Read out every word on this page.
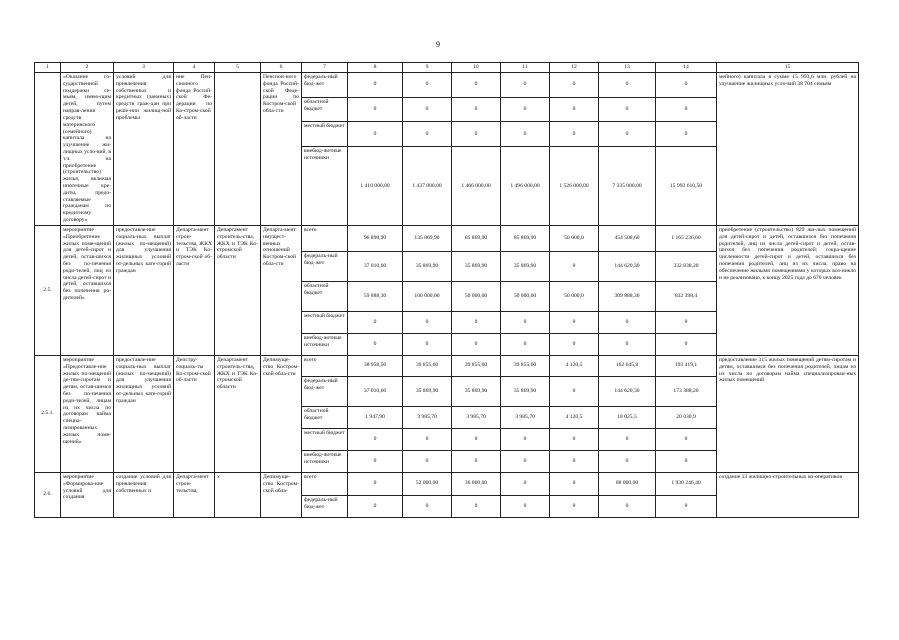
9
1	2	3	4	5	6	7	8	9	10	11	12	13	14	15
	«Оказание го-сударственной поддержки се-мьям, имею-щим детей, путем направ-ления средств материнского (семейного) капитала на улучшение жи-лищных усло-вий, в т.ч. на приобретение (строительство) жилья, включая ипотечные кре-диты, предо-ставляемые гражданам по кредитному договору»	условий для привлечения собственных и кредитных (заемных) средств граж-дан при реше-нии жилищ-ной проблемы	ние Пен-сионного фонда Россий-ской Фе-дерации по Ко-стром-ской об-ласти		Пенсион-ного фонда Россий-ской Феде-рации по Костром-ской обла-сти	федераль-ный бюд-жет	0	0	0	0	0	0	0	мейного) капитала в сумме 15 993,6 млн. рублей на улучшение жилищных усло-вий 38 704 семьям
						областной бюджет	0	0	0	0	0	0	0	
						местный бюджет	0	0	0	0	0	0	0	
						внебюд-жетные источники	1 410 000,00	1 437 000,00	1 466 000,00	1 496 000,00	1 526 000,00	7 335 000,00	15 993 610,50	
2.5.	мероприятие «Приобретение жилых поме-щений для детей-сирот и детей, остав-шихся без по-печения роди-телей, лиц из числа детей-сирот и детей, оставшихся без попечения ро-дителей»	предоставле-ние социаль-ных выплат (жилых по-мещений) для улучшения жилищных условий от-дельных кате-горий граждан	Департа-мент строи-тельства, ЖКХ и ТЭК Ко-стром-ской об-ласти	Департамент строитель-ства, ЖКХ и ТЭК Ко-стромской области	Департа-мент имущест-венных отношений Костром-ской обла-сти	всего	96 898,90	135 869,90	85 869,90	85 869,90	50 000,0	454 508,60	1 165 236,60	приобретение (строительство) 829 жи-лых помещений для детей-сирот и детей, оставшихся без попечения родителей, лиц из числа детей-сирот и детей, остав-шихся без попечения родителей; сокра-щение численности детей-сирот и детей, оставшихся без попечения родителей, лиц из их числа, право на обеспечение жилыми помещениями у которых воз-никло и не реализовано, к концу 2025 года до 670 человек
						федераль-ный бюд-жет	37 010,60	35 869,90	35 869,90	35 869,90	0	144 620,30	332 838,20	
						областной бюджет	59 888,30	100 000,00	50 000,00	50 000,00	50 000,0	309 888,30	832 398,4	
						местный бюджет	0	0	0	0	0	0	0	
						внебюд-жетные источники	0	0	0	0	0	0	0	
2.5.1.	мероприятие «Предоставле-ние жилых по-мещений де-тям-сиротам и детям, остав-шимся без по-печения роди-телей, лицам из их числа по договорам найма специа-лизированных жилых поме-щений»	предоставле-ние социаль-ных выплат (жилых по-мещений) для улучшения жилищных условий от-дельных кате-горий граждан	Депстру-социаль-ты Ко-стром-ской об-ласти	Департамент строитель-ства, ЖКХ и ТЭК Ко-стромской области	Депимуще-ство Костром-ской обла-сти	всего	38 958,50	39 855,60	39 855,60	39 855,60	4 120,5	162 645,8	193 419,1	предоставление 315 жилых помещений детям-сиротам и детям, оставшимся без попечения родителей, лицам из их числа по договорам найма специализирован-ных жилых помещений
						федераль-ный бюд-жет	37 010,60	35 869,90	35 869,90	35 869,90	0	144 620,30	173 388,20	
						областной бюджет	1 947,90	3 985,70	3 985,70	3 985,70	4 120,5	18 025,5	20 030,9	
						местный бюджет	0	0	0	0	0	0	0	
						внебюд-жетные источники	0	0	0	0	0	0	0	
2.6.	мероприятие «Формирова-ние условий для создания	создание условий для привлечения собственных и	Департа-мент строи-тельства,	х	Депимуще-ство Костром-ской обла-	всего	0	52 000,00	36 000,00	0	0	88 000,00	1 930 246,40	создание 13 жилищно-строительных ко-оперативов
						федераль-ный бюд-жет	0	0	0	0	0	0	0	
